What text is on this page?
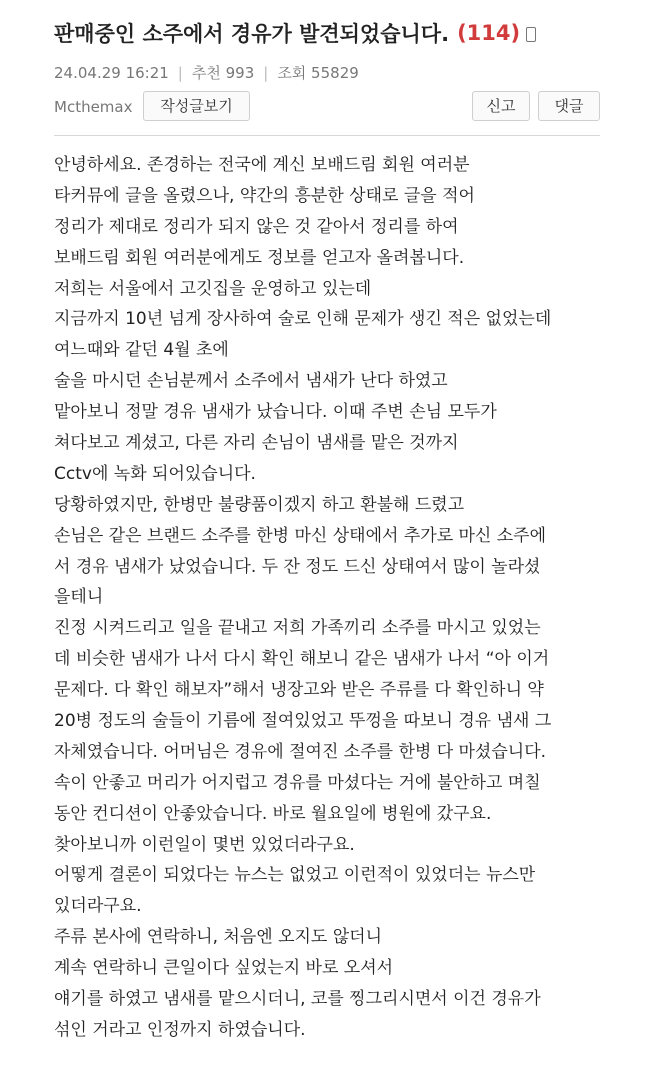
판매중인 소주에서 경유가 발견되었습니다. (114)
24.04.29 16:21 | 추천 993 | 조회 55829
Mcthemax	작성글보기	신고	댓글
안녕하세요. 존경하는 전국에 계신 보배드림 회원 여러분
타커뮤에 글을 올렸으나, 약간의 흥분한 상태로 글을 적어
정리가 제대로 정리가 되지 않은 것 같아서 정리를 하여
보배드림 회원 여러분에게도 정보를 얻고자 올려봅니다.
저희는 서울에서 고깃집을 운영하고 있는데
지금까지 10년 넘게 장사하여 술로 인해 문제가 생긴 적은 없었는데
여느때와 같던 4월 초에
술을 마시던 손님분께서 소주에서 냄새가 난다 하였고
맡아보니 정말 경유 냄새가 났습니다. 이때 주변 손님 모두가
쳐다보고 계셨고, 다른 자리 손님이 냄새를 맡은 것까지
Cctv에 녹화 되어있습니다.
당황하였지만, 한병만 불량품이겠지 하고 환불해 드렸고
손님은 같은 브랜드 소주를 한병 마신 상태에서 추가로 마신 소주에
서 경유 냄새가 났었습니다. 두 잔 정도 드신 상태여서 많이 놀라셨
을테니
진정 시켜드리고 일을 끝내고 저희 가족끼리 소주를 마시고 있었는
데 비슷한 냄새가 나서 다시 확인 해보니 같은 냄새가 나서 “아 이거
문제다. 다 확인 해보자”해서 냉장고와 받은 주류를 다 확인하니 약
20병 정도의 술들이 기름에 절여있었고 뚜껑을 따보니 경유 냄새 그
자체였습니다. 어머님은 경유에 절여진 소주를 한병 다 마셨습니다.
속이 안좋고 머리가 어지럽고 경유를 마셨다는 거에 불안하고 며칠
동안 컨디션이 안좋았습니다. 바로 월요일에 병원에 갔구요.
찾아보니까 이런일이 몇번 있었더라구요.
어떻게 결론이 되었다는 뉴스는 없었고 이런적이 있었더는 뉴스만
있더라구요.
주류 본사에 연락하니, 처음엔 오지도 않더니
계속 연락하니 큰일이다 싶었는지 바로 오셔서
얘기를 하였고 냄새를 맡으시더니, 코를 찡그리시면서 이건 경유가
섞인 거라고 인정까지 하였습니다.
